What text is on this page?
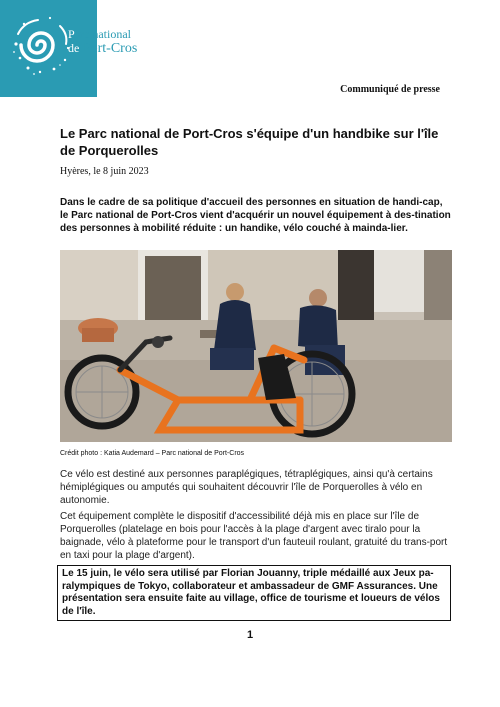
Parc national
de Port-Cros
Communiqué de presse
Le Parc national de Port-Cros s'équipe d'un handbike sur l'île de Porquerolles
Hyères, le 8 juin 2023

Dans le cadre de sa politique d'accueil des personnes en situation de handi-cap, le Parc national de Port-Cros vient d'acquérir un nouvel équipement à des-tination des personnes à mobilité réduite : un handike, vélo couché à mainda-lier.

Crédit photo : Katia Audemard – Parc national de Port-Cros

Ce vélo est destiné aux personnes paraplégiques, tétraplégiques, ainsi qu'à certains hémiplégiques ou amputés qui souhaitent découvrir l'île de Porquerolles à vélo en autonomie.

Cet équipement complète le dispositif d'accessibilité déjà mis en place sur l'île de Porquerolles (platelage en bois pour l'accès à la plage d'argent avec tiralo pour la baignade, vélo à plateforme pour le transport d'un fauteuil roulant, gratuité du trans-port en taxi pour la plage d'argent).

Le 15 juin, le vélo sera utilisé par Florian Jouanny, triple médaillé aux Jeux pa-ralympiques de Tokyo, collaborateur et ambassadeur de GMF Assurances. Une présentation sera ensuite faite au village, office de tourisme et loueurs de vélos de l'île.

1
